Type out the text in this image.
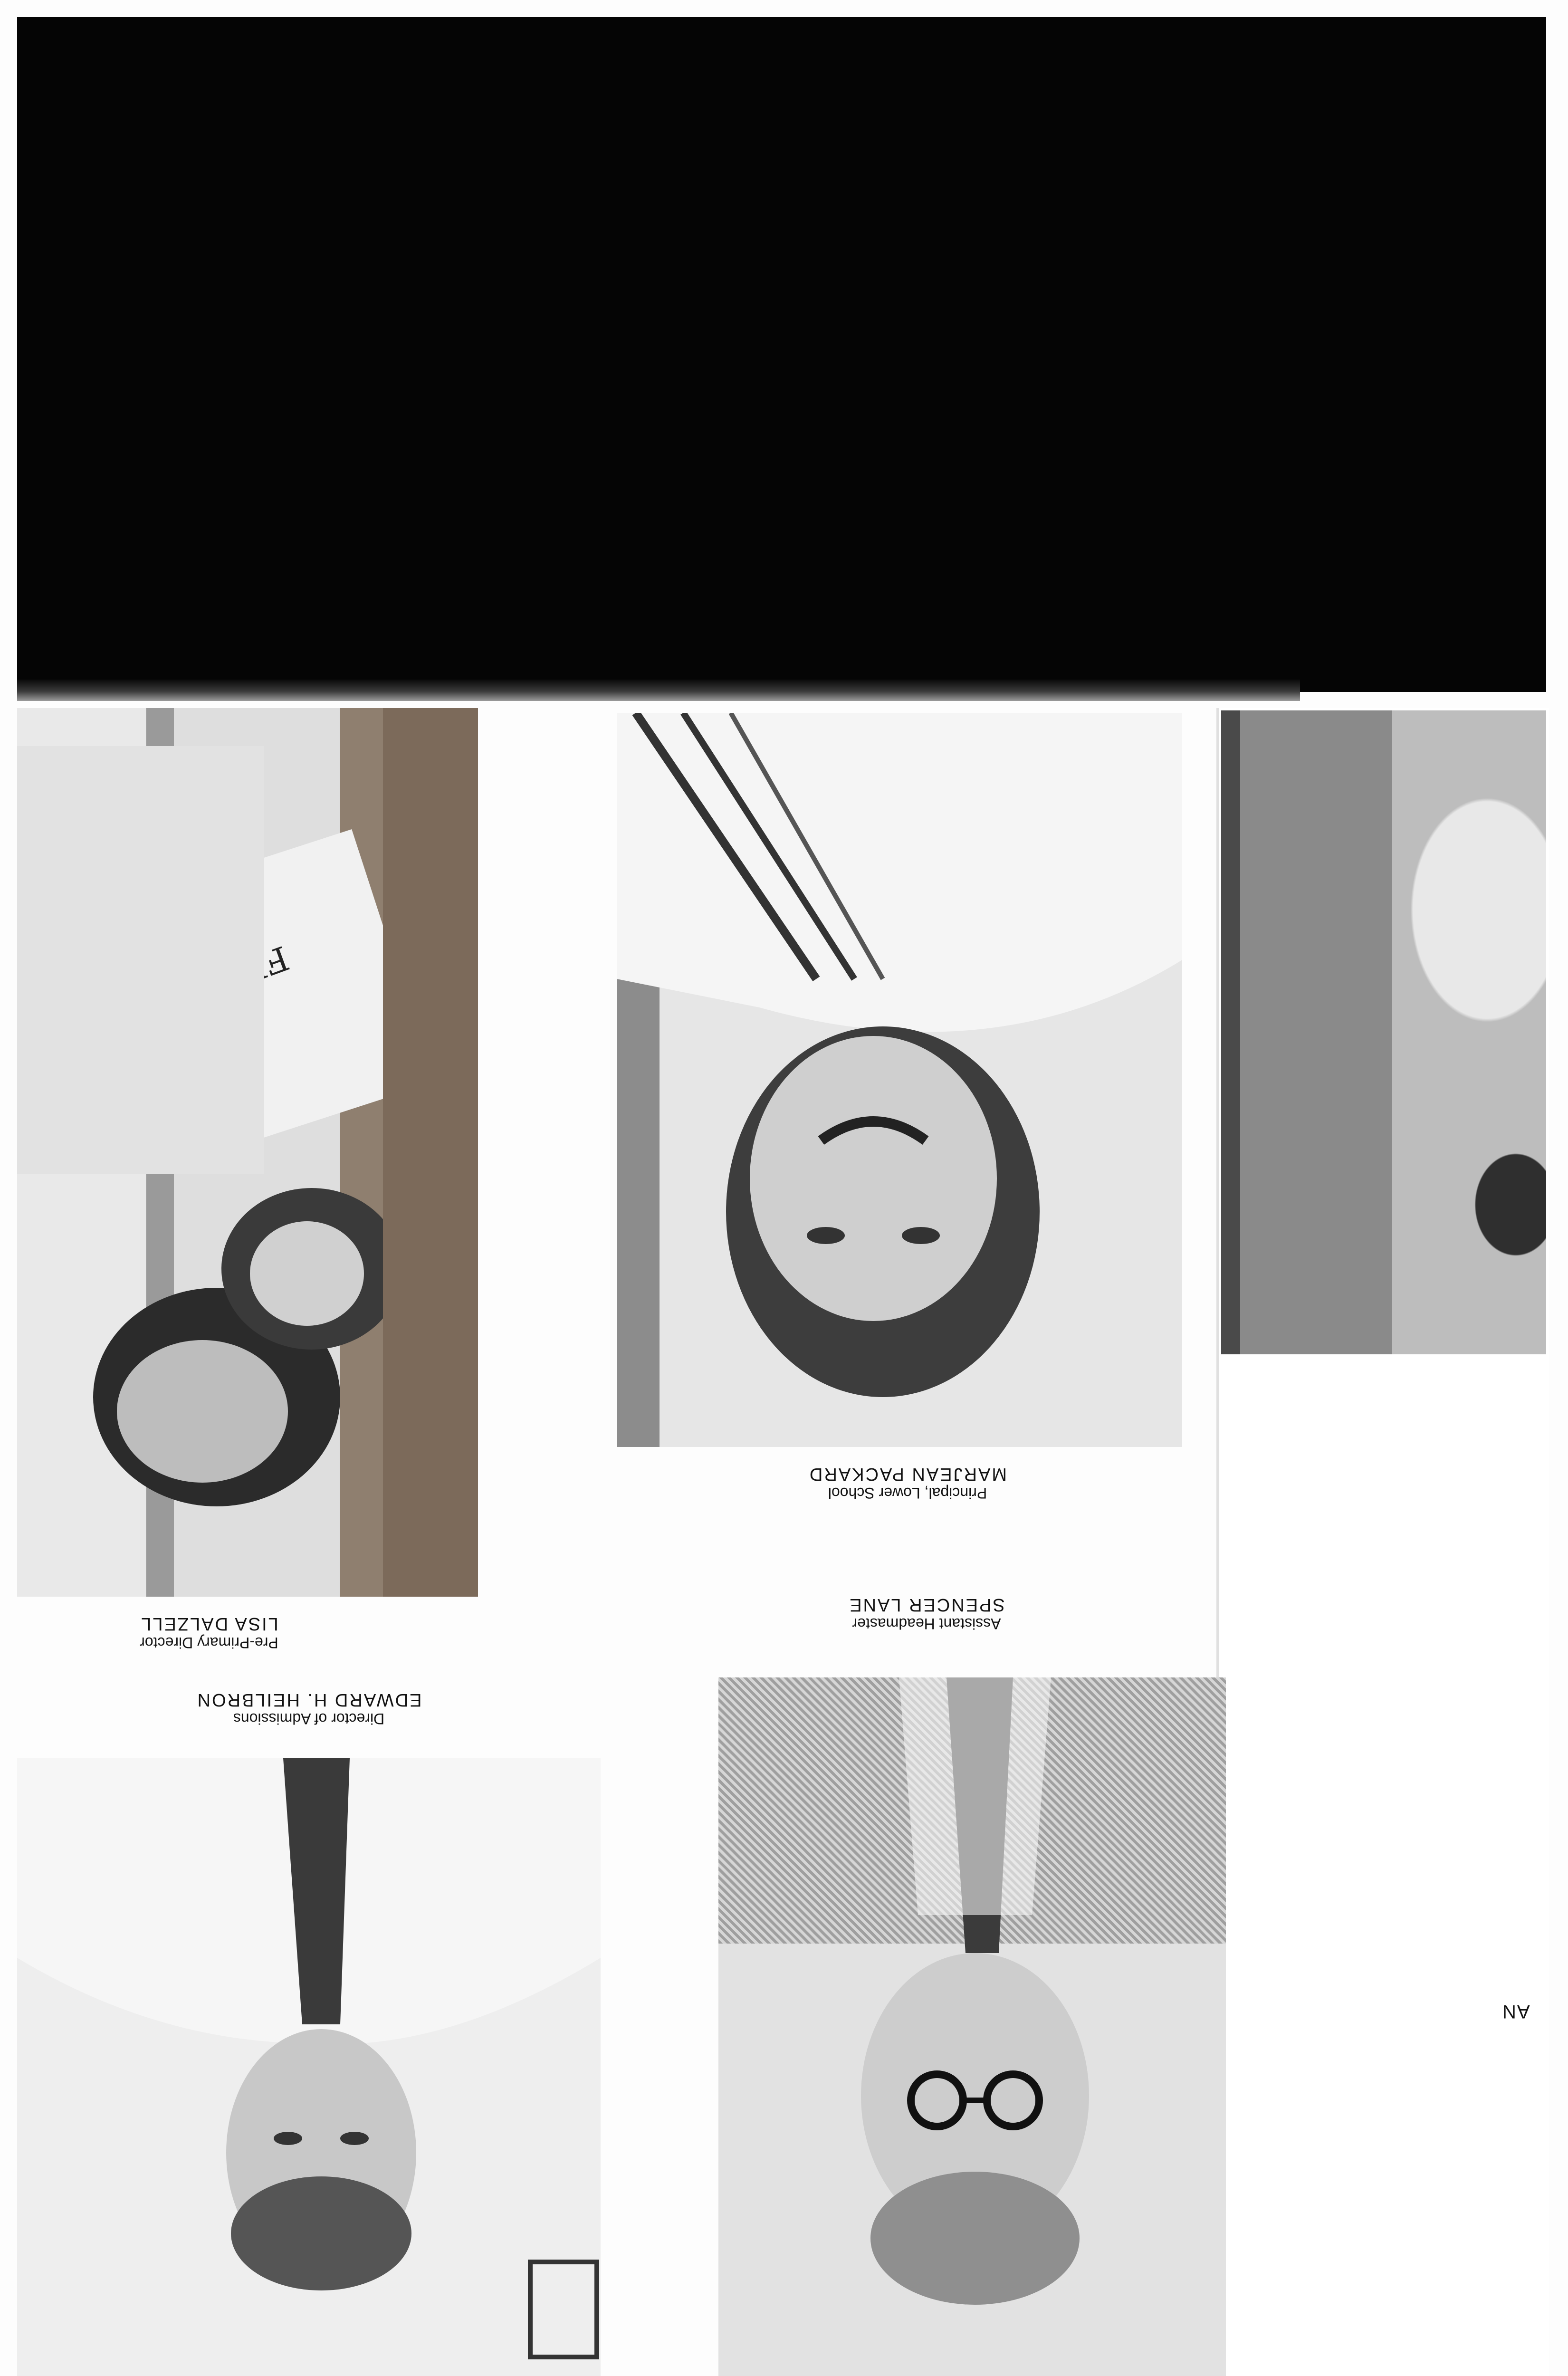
AN
Principal, Lower School
MARJEAN PACKARD
Assistant Headmaster
SPENCER LANE
Pre-Primary Director
LISA DALZELL
Director of Admissions
EDWARD H. HEILBRON
